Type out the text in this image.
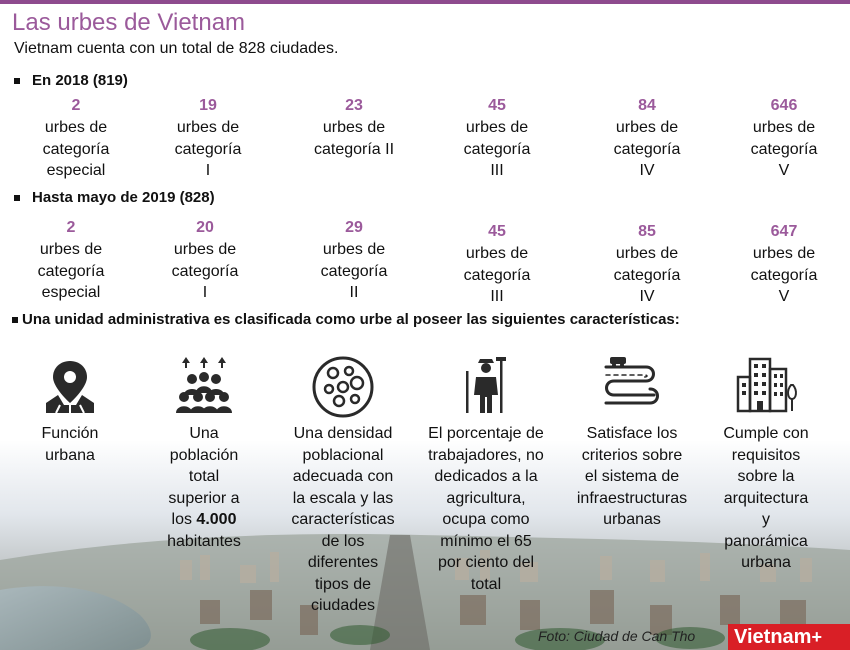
Las urbes de Vietnam
Vietnam cuenta con un total de 828 ciudades.
En 2018 (819)
2
urbes de
categoría
especial
19
urbes de
categoría
I
23
urbes de
categoría II
45
urbes de
categoría
III
84
urbes de
categoría
IV
646
urbes de
categoría
V
Hasta mayo de 2019 (828)
2
urbes de
categoría
especial
20
urbes de
categoría
I
29
urbes de
categoría
II
45
urbes de
categoría
III
85
urbes de
categoría
IV
647
urbes de
categoría
V
Una unidad administrativa es clasificada como urbe al poseer las siguientes características:
Función
urbana
Una
población
total
superior a
los 4.000
habitantes
Una densidad
poblacional
adecuada con
la escala y las
características
de los
diferentes
tipos de
ciudades
El porcentaje de
trabajadores, no
dedicados a la
agricultura,
ocupa como
mínimo el 65
por ciento del
total
Satisface los
criterios sobre
el sistema de
infraestructuras
urbanas
Cumple con
requisitos
sobre la
arquitectura
y
panorámica
urbana
Foto: Ciudad de Can Tho	Vietnam+
